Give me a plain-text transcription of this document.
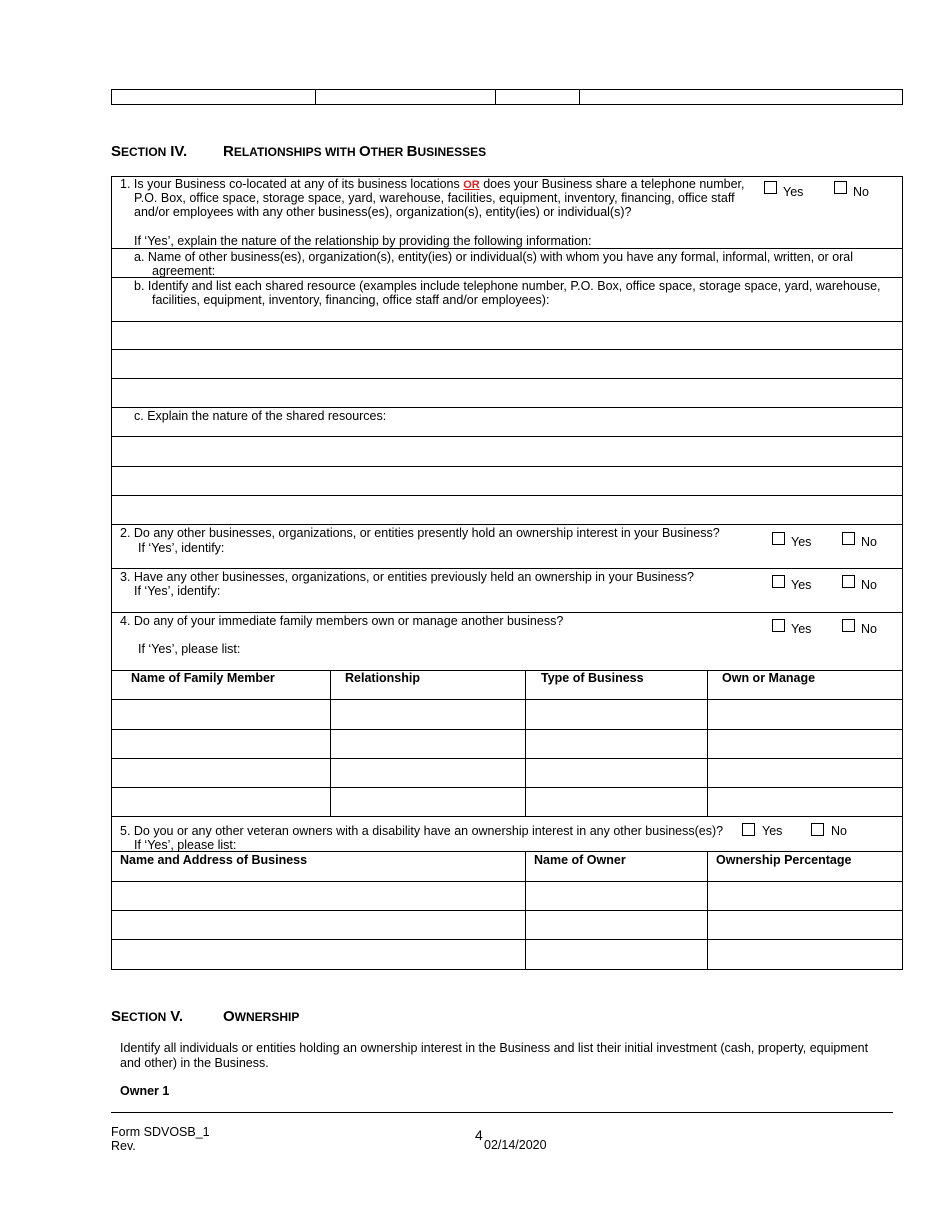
SECTION IV. RELATIONSHIPS WITH OTHER BUSINESSES
1. Is your Business co-located at any of its business locations OR does your Business share a telephone number,
P.O. Box, office space, storage space, yard, warehouse, facilities, equipment, inventory, financing, office staff
and/or employees with any other business(es), organization(s), entity(ies) or individual(s)?
If ‘Yes’, explain the nature of the relationship by providing the following information:
Yes	No
a. Name of other business(es), organization(s), entity(ies) or individual(s) with whom you have any formal, informal, written, or oral
agreement:
b. Identify and list each shared resource (examples include telephone number, P.O. Box, office space, storage space, yard, warehouse,
facilities, equipment, inventory, financing, office staff and/or employees):
c. Explain the nature of the shared resources:
2. Do any other businesses, organizations, or entities presently hold an ownership interest in your Business?
If ‘Yes’, identify:	Yes	No
3. Have any other businesses, organizations, or entities previously held an ownership in your Business?
If ‘Yes’, identify:	Yes	No
4. Do any of your immediate family members own or manage another business?
If ‘Yes’, please list:
Yes	No
Name of Family Member	Relationship	Type of Business	Own or Manage
5. Do you or any other veteran owners with a disability have an ownership interest in any other business(es)?
If ‘Yes’, please list:
Yes	No
Name and Address of Business	Name of Owner	Ownership Percentage
SECTION V.	OWNERSHIP
Identify all individuals or entities holding an ownership interest in the Business and list their initial investment (cash, property, equipment
and other) in the Business.
Owner 1
Form SDVOSB_1
Rev.
4
02/14/2020
